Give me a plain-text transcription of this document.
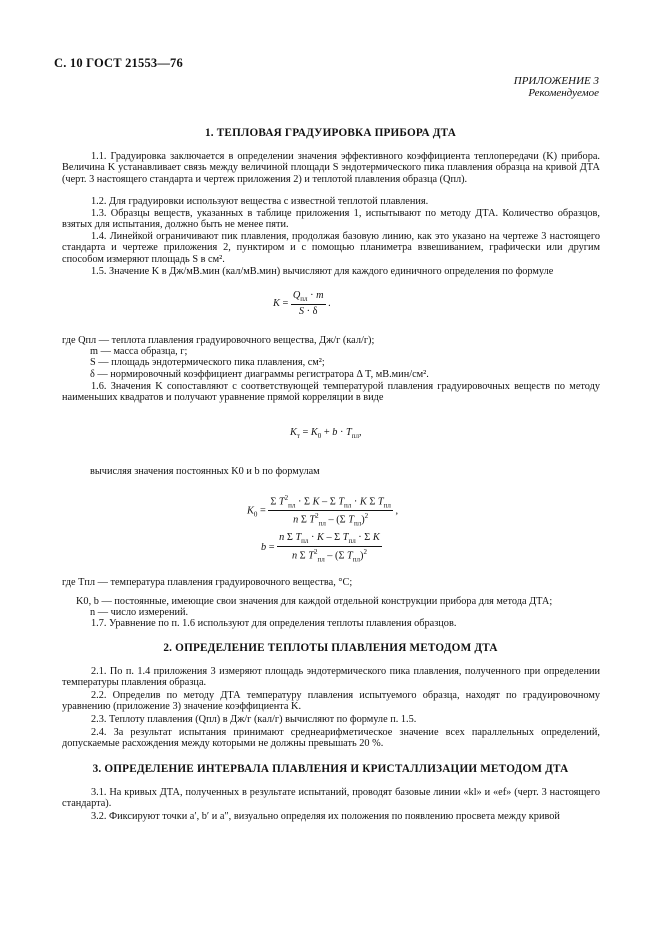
С. 10 ГОСТ 21553—76
ПРИЛОЖЕНИЕ 3
Рекомендуемое
1. ТЕПЛОВАЯ ГРАДУИРОВКА ПРИБОРА ДТА
1.1. Градуировка заключается в определении значения эффективного коэффициента теплопередачи (K) прибора. Величина K устанавливает связь между величиной площади S эндотермического пика плавления образца на кривой ДТА (черт. 3 настоящего стандарта и чертеж приложения 2) и теплотой плавления образца (Qпл).
1.2. Для градуировки используют вещества с известной теплотой плавления.
1.3. Образцы веществ, указанных в таблице приложения 1, испытывают по методу ДТА. Количество образцов, взятых для испытания, должно быть не менее пяти.
1.4. Линейкой ограничивают пик плавления, продолжая базовую линию, как это указано на чертеже 3 настоящего стандарта и чертеже приложения 2, пунктиром и с помощью планиметра взвешиванием, графически или другим способом измеряют площадь S в см².
1.5. Значение K в Дж/мВ.мин (кал/мВ.мин) вычисляют для каждого единичного определения по формуле
$K = \frac{Q_{пл} \cdot m}{S \cdot \delta}$ .
где Qпл — теплота плавления градуировочного вещества, Дж/г (кал/г);
m — масса образца, г;
S — площадь эндотермического пика плавления, см²;
δ — нормировочный коэффициент диаграммы регистратора Δ T, мВ.мин/см².
1.6. Значения K сопоставляют с соответствующей температурой плавления градуировочных веществ по методу наименьших квадратов и получают уравнение прямой корреляции в виде
$K_т = K_0 + b \cdot T_{пл}$,
вычисляя значения постоянных K0 и b по формулам
$K_0 = \frac{\Sigma T^2_{пл} \cdot \Sigma K - \Sigma T_{пл} \cdot K \Sigma T_{пл}}{n \Sigma T^2_{пл} - (\Sigma T_{пл})^2}$ ,
$b = \frac{n \Sigma T_{пл} \cdot K - \Sigma T_{пл} \cdot \Sigma K}{n \Sigma T^2_{пл} - (\Sigma T_{пл})^2}$
где Tпл — температура плавления градуировочного вещества, °С;
K0, b — постоянные, имеющие свои значения для каждой отдельной конструкции прибора для метода ДТА;
n — число измерений.
1.7. Уравнение по п. 1.6 используют для определения теплоты плавления образцов.
2. ОПРЕДЕЛЕНИЕ ТЕПЛОТЫ ПЛАВЛЕНИЯ МЕТОДОМ ДТА
2.1. По п. 1.4 приложения 3 измеряют площадь эндотермического пика плавления, полученного при определении температуры плавления образца.
2.2. Определив по методу ДТА температуру плавления испытуемого образца, находят по градуировочному уравнению (приложение 3) значение коэффициента K.
2.3. Теплоту плавления (Qпл) в Дж/г (кал/г) вычисляют по формуле п. 1.5.
2.4. За результат испытания принимают среднеарифметическое значение всех параллельных определений, допускаемые расхождения между которыми не должны превышать 20 %.
3. ОПРЕДЕЛЕНИЕ ИНТЕРВАЛА ПЛАВЛЕНИЯ И КРИСТАЛЛИЗАЦИИ МЕТОДОМ ДТА
3.1. На кривых ДТА, полученных в результате испытаний, проводят базовые линии «kl» и «ef» (черт. 3 настоящего стандарта).
3.2. Фиксируют точки a′, b′ и a″, визуально определяя их положения по появлению просвета между кривой
